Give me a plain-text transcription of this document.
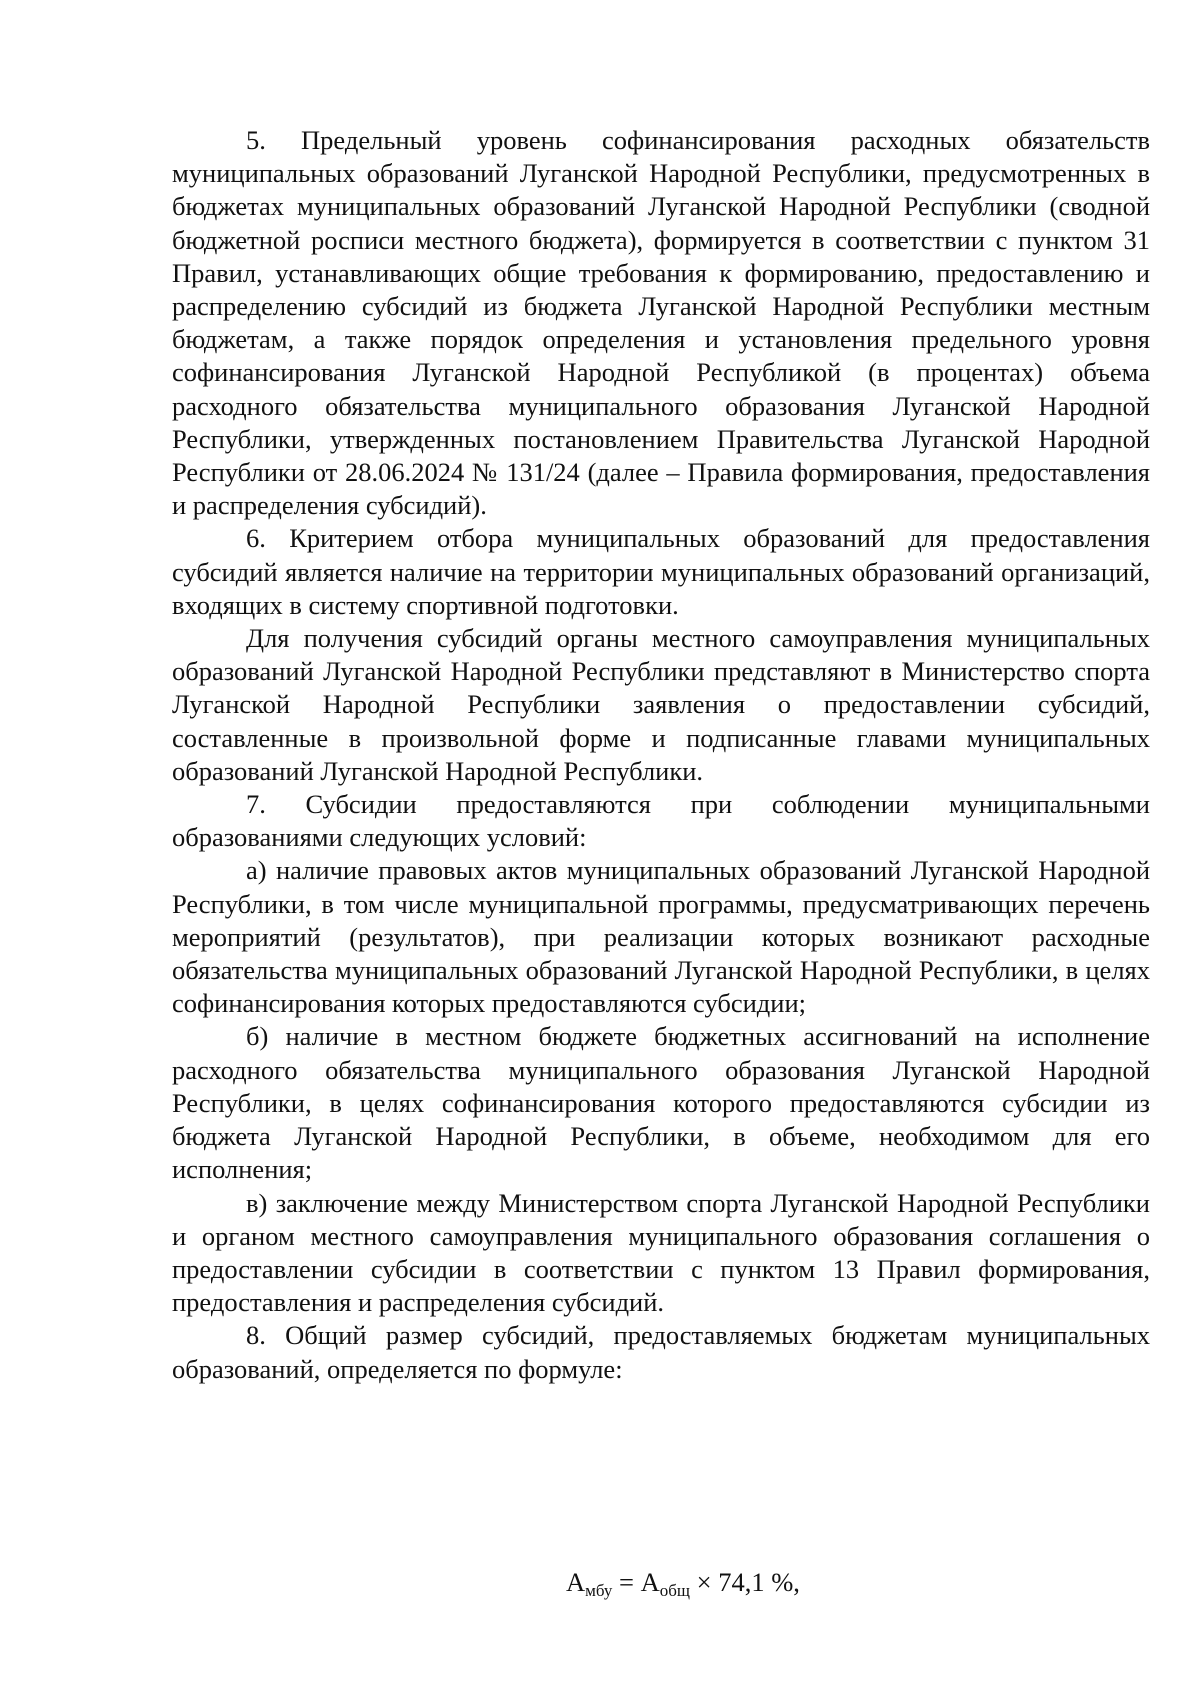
5. Предельный уровень софинансирования расходных обязательств муниципальных образований Луганской Народной Республики, предусмотренных в бюджетах муниципальных образований Луганской Народной Республики (сводной бюджетной росписи местного бюджета), формируется в соответствии с пунктом 31 Правил, устанавливающих общие требования к формированию, предоставлению и распределению субсидий из бюджета Луганской Народной Республики местным бюджетам, а также порядок определения и установления предельного уровня софинансирования Луганской Народной Республикой (в процентах) объема расходного обязательства муниципального образования Луганской Народной Республики, утвержденных постановлением Правительства Луганской Народной Республики от 28.06.2024 № 131/24 (далее – Правила формирования, предоставления и распределения субсидий).

6. Критерием отбора муниципальных образований для предоставления субсидий является наличие на территории муниципальных образований организаций, входящих в систему спортивной подготовки.

Для получения субсидий органы местного самоуправления муниципальных образований Луганской Народной Республики представляют в Министерство спорта Луганской Народной Республики заявления о предоставлении субсидий, составленные в произвольной форме и подписанные главами муниципальных образований Луганской Народной Республики.

7. Субсидии предоставляются при соблюдении муниципальными образованиями следующих условий:

а) наличие правовых актов муниципальных образований Луганской Народной Республики, в том числе муниципальной программы, предусматривающих перечень мероприятий (результатов), при реализации которых возникают расходные обязательства муниципальных образований Луганской Народной Республики, в целях софинансирования которых предоставляются субсидии;

б) наличие в местном бюджете бюджетных ассигнований на исполнение расходного обязательства муниципального образования Луганской Народной Республики, в целях софинансирования которого предоставляются субсидии из бюджета Луганской Народной Республики, в объеме, необходимом для его исполнения;

в) заключение между Министерством спорта Луганской Народной Республики и органом местного самоуправления муниципального образования соглашения о предоставлении субсидии в соответствии с пунктом 13 Правил формирования, предоставления и распределения субсидий.

8. Общий размер субсидий, предоставляемых бюджетам муниципальных образований, определяется по формуле:

$А_{мбу} = А_{общ} \times 74,1$ %,
